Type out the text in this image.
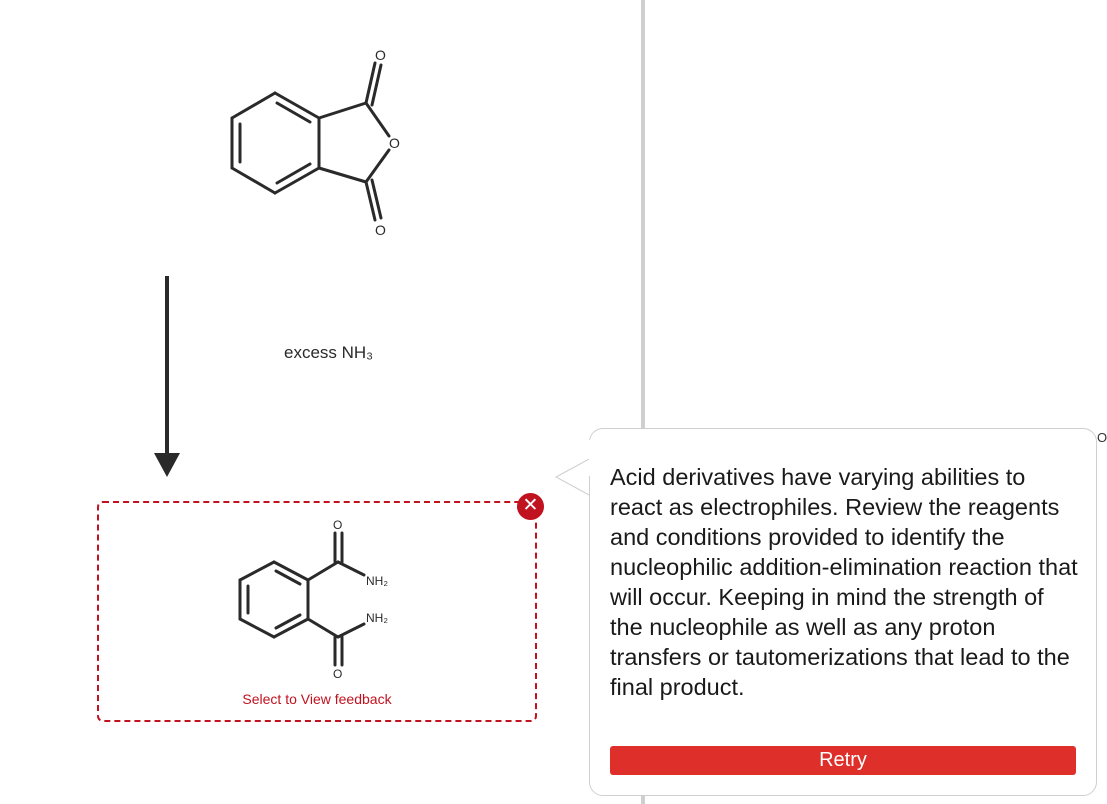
O
O
O
excess NH₃
Select to View feedback
O
NH₂
NH₂
O
✕
Acid derivatives have varying abilities to react as electrophiles. Review the reagents and conditions provided to identify the nucleophilic addition-elimination reaction that will occur. Keeping in mind the strength of the nucleophile as well as any proton transfers or tautomerizations that lead to the final product.
Retry
O
